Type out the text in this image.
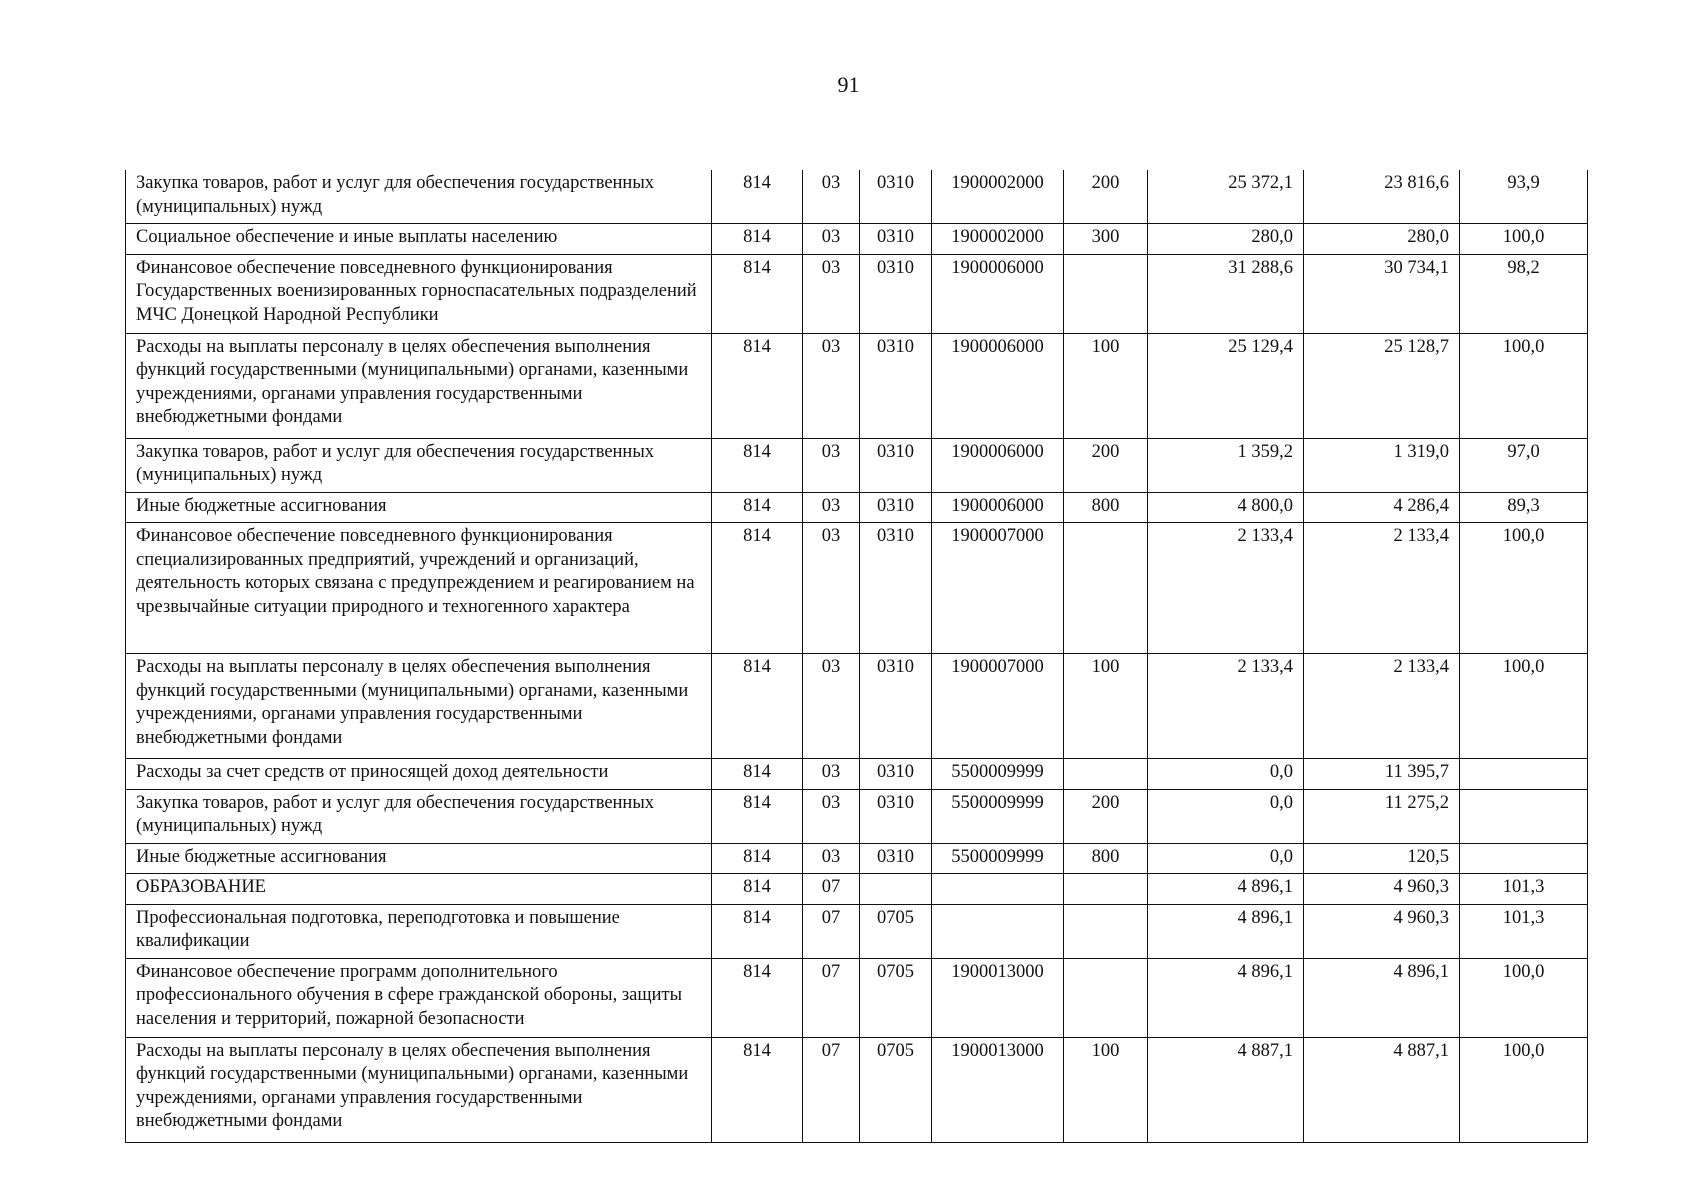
91
Закупка товаров, работ и услуг для обеспечения государственных (муниципальных) нужд	814	03	0310	1900002000	200	25 372,1	23 816,6	93,9
Социальное обеспечение и иные выплаты населению	814	03	0310	1900002000	300	280,0	280,0	100,0
Финансовое обеспечение повседневного функционирования Государственных военизированных горноспасательных подразделений МЧС Донецкой Народной Республики	814	03	0310	1900006000		31 288,6	30 734,1	98,2
Расходы на выплаты персоналу в целях обеспечения выполнения функций государственными (муниципальными) органами, казенными учреждениями, органами управления государственными внебюджетными фондами	814	03	0310	1900006000	100	25 129,4	25 128,7	100,0
Закупка товаров, работ и услуг для обеспечения государственных (муниципальных) нужд	814	03	0310	1900006000	200	1 359,2	1 319,0	97,0
Иные бюджетные ассигнования	814	03	0310	1900006000	800	4 800,0	4 286,4	89,3
Финансовое обеспечение повседневного функционирования специализированных предприятий, учреждений и организаций, деятельность которых связана с предупреждением и реагированием на чрезвычайные ситуации природного и техногенного характера	814	03	0310	1900007000		2 133,4	2 133,4	100,0
Расходы на выплаты персоналу в целях обеспечения выполнения функций государственными (муниципальными) органами, казенными учреждениями, органами управления государственными внебюджетными фондами	814	03	0310	1900007000	100	2 133,4	2 133,4	100,0
Расходы за счет средств от приносящей доход деятельности	814	03	0310	5500009999		0,0	11 395,7	
Закупка товаров, работ и услуг для обеспечения государственных (муниципальных) нужд	814	03	0310	5500009999	200	0,0	11 275,2	
Иные бюджетные ассигнования	814	03	0310	5500009999	800	0,0	120,5	
ОБРАЗОВАНИЕ	814	07				4 896,1	4 960,3	101,3
Профессиональная подготовка, переподготовка и повышение квалификации	814	07	0705			4 896,1	4 960,3	101,3
Финансовое обеспечение программ дополнительного профессионального обучения в сфере гражданской обороны, защиты населения и территорий, пожарной безопасности	814	07	0705	1900013000		4 896,1	4 896,1	100,0
Расходы на выплаты персоналу в целях обеспечения выполнения функций государственными (муниципальными) органами, казенными учреждениями, органами управления государственными внебюджетными фондами	814	07	0705	1900013000	100	4 887,1	4 887,1	100,0
